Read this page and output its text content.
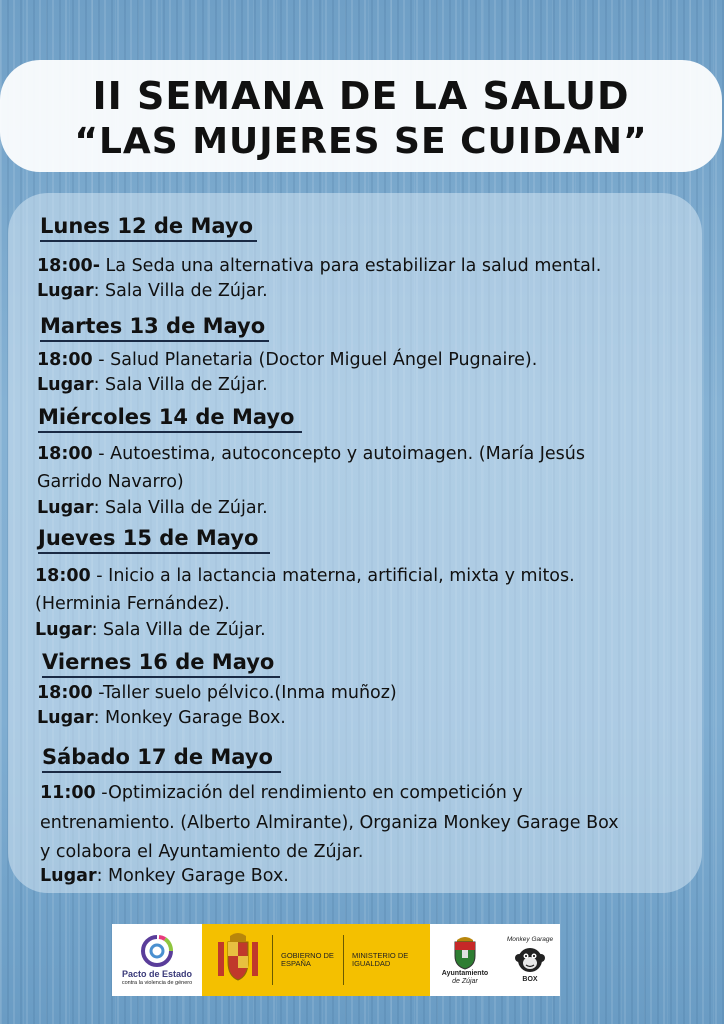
II SEMANA DE LA SALUD
“LAS MUJERES SE CUIDAN”
Lunes 12 de Mayo
18:00- La Seda una alternativa para estabilizar la salud mental.
Lugar: Sala Villa de Zújar.
Martes 13 de Mayo
18:00 - Salud Planetaria (Doctor Miguel Ángel Pugnaire).
Lugar: Sala Villa de Zújar.
Miércoles 14 de Mayo
18:00 - Autoestima, autoconcepto y autoimagen. (María Jesús
Garrido Navarro)
Lugar: Sala Villa de Zújar.
Jueves 15 de Mayo
18:00 - Inicio a la lactancia materna, artificial, mixta y mitos.
(Herminia Fernández).
Lugar: Sala Villa de Zújar.
Viernes 16 de Mayo
18:00 -Taller suelo pélvico.(Inma muñoz)
Lugar: Monkey Garage Box.
Sábado 17 de Mayo
11:00 -Optimización del rendimiento en competición y
entrenamiento. (Alberto Almirante), Organiza Monkey Garage Box
y colabora el Ayuntamiento de Zújar.
Lugar: Monkey Garage Box.
Pacto de Estado
contra la violencia de género
GOBIERNO DE ESPAÑA
MINISTERIO DE IGUALDAD
Ayuntamiento
de Zújar
Monkey Garage
BOX
